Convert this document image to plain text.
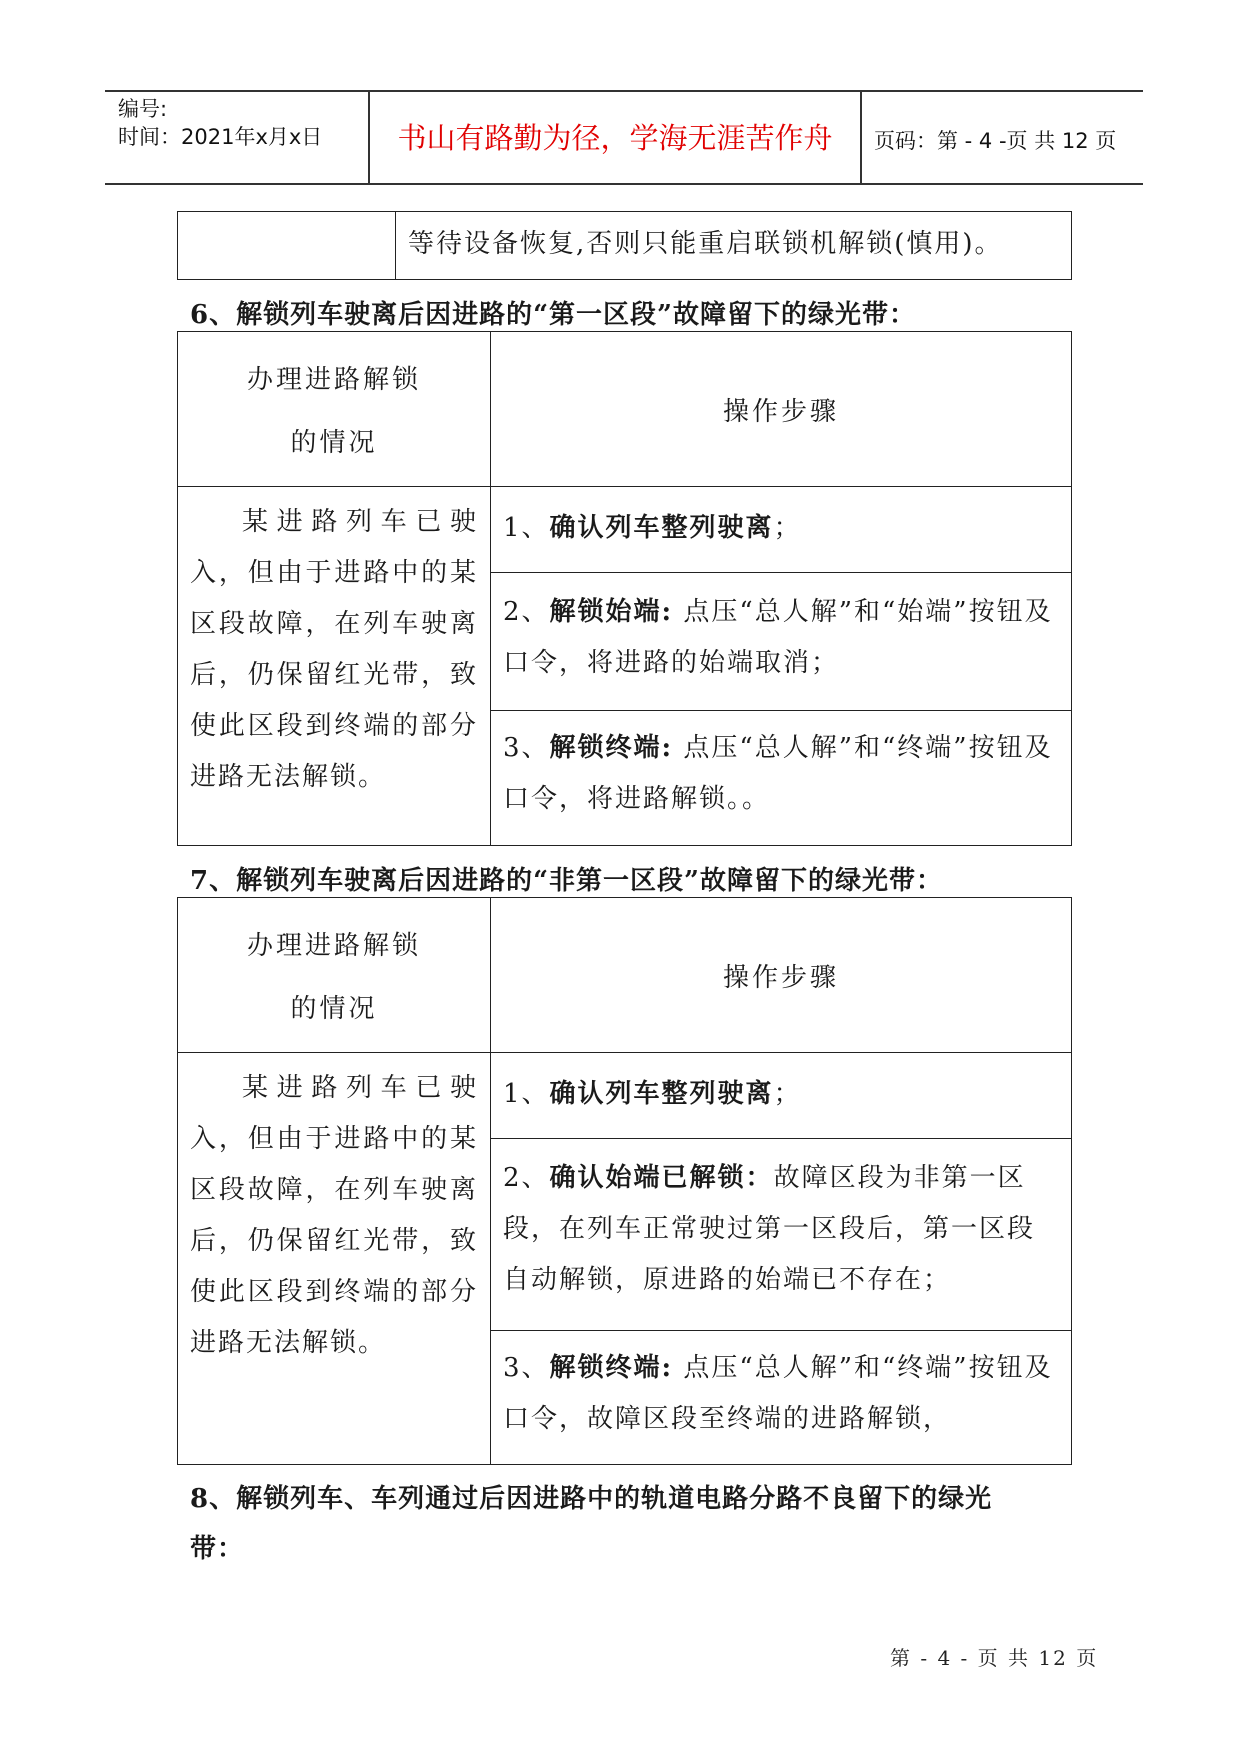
编号:
时间：2021年x月x日	书山有路勤为径，学海无涯苦作舟	页码：第 - 4 -页 共 12 页

等待设备恢复,否则只能重启联锁机解锁(慎用)。
6、解锁列车驶离后因进路的“第一区段”故障留下的绿光带：
办理进路解锁
的情况	操作步骤

某进路列车已驶入，但由于进路中的某区段故障，在列车驶离后，仍保留红光带，致使此区段到终端的部分进路无法解锁。	1、确认列车整列驶离；

	2、解锁始端: 点压“总人解”和“始端”按钮及口令，将进路的始端取消；

	3、解锁终端: 点压“总人解”和“终端”按钮及口令，将进路解锁。。
7、解锁列车驶离后因进路的“非第一区段”故障留下的绿光带：
办理进路解锁
的情况	操作步骤

某进路列车已驶入，但由于进路中的某区段故障，在列车驶离后，仍保留红光带，致使此区段到终端的部分进路无法解锁。	1、确认列车整列驶离；

	2、确认始端已解锁：故障区段为非第一区段，在列车正常驶过第一区段后，第一区段自动解锁，原进路的始端已不存在；

	3、解锁终端: 点压“总人解”和“终端”按钮及口令，故障区段至终端的进路解锁，
8、解锁列车、车列通过后因进路中的轨道电路分路不良留下的绿光
带：
第 - 4 - 页 共 12 页
